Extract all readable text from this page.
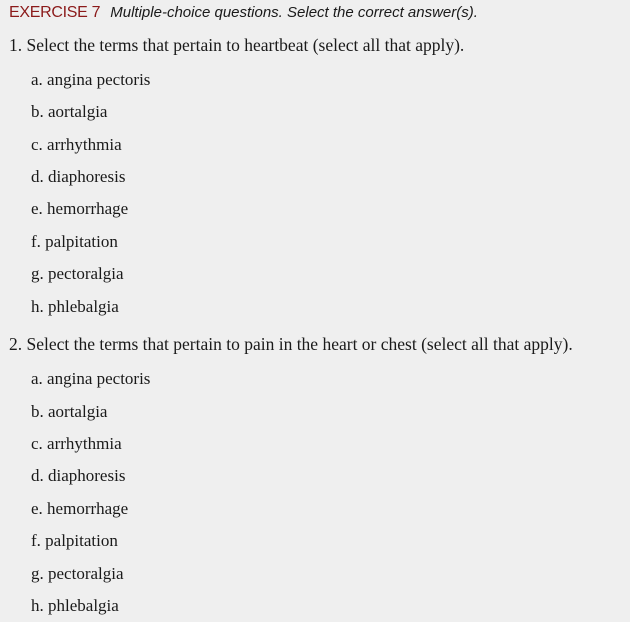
EXERCISE 7 Multiple-choice questions. Select the correct answer(s).
1. Select the terms that pertain to heartbeat (select all that apply).
a. angina pectoris
b. aortalgia
c. arrhythmia
d. diaphoresis
e. hemorrhage
f. palpitation
g. pectoralgia
h. phlebalgia
2. Select the terms that pertain to pain in the heart or chest (select all that apply).
a. angina pectoris
b. aortalgia
c. arrhythmia
d. diaphoresis
e. hemorrhage
f. palpitation
g. pectoralgia
h. phlebalgia
